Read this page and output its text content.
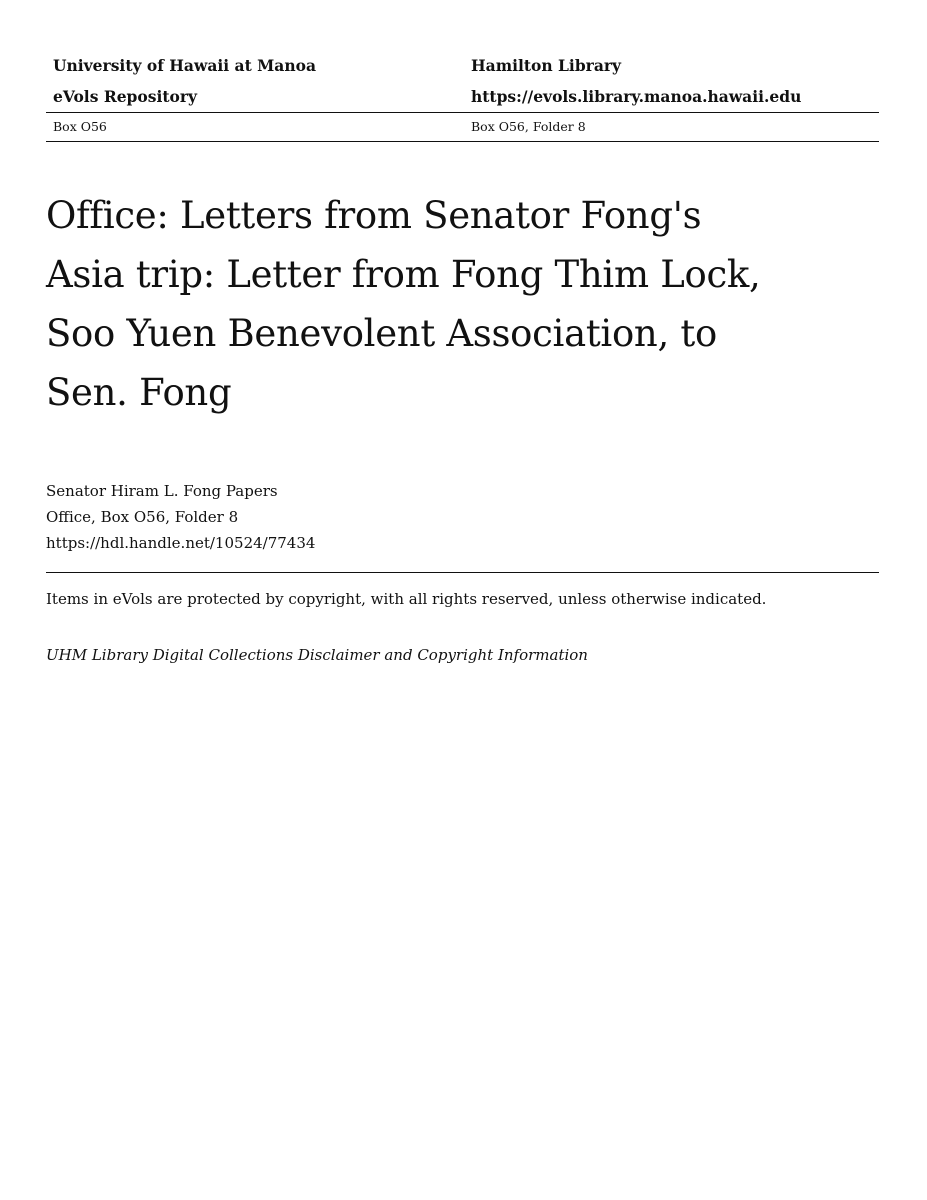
University of Hawaii at Manoa	Hamilton Library
eVols Repository	https://evols.library.manoa.hawaii.edu
Box O56	Box O56, Folder 8
Office: Letters from Senator Fong's Asia trip: Letter from Fong Thim Lock, Soo Yuen Benevolent Association, to Sen. Fong
Senator Hiram L. Fong Papers
Office, Box O56, Folder 8
https://hdl.handle.net/10524/77434
Items in eVols are protected by copyright, with all rights reserved, unless otherwise indicated.
UHM Library Digital Collections Disclaimer and Copyright Information
